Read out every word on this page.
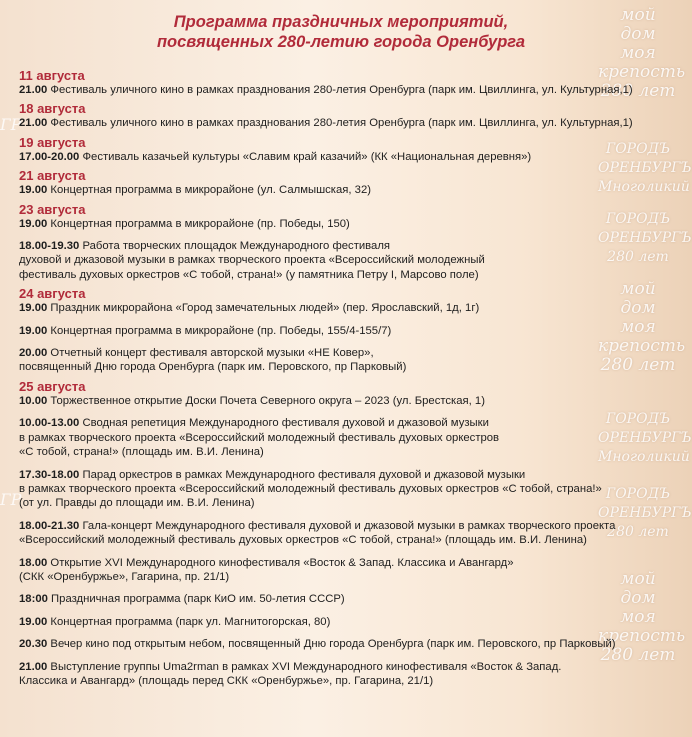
мой
дом
моя
крепость
280 лет
ГОРОДЪ
ОРЕНБУРГЪ
Многоликий
ГОРОДЪ
ОРЕНБУРГЪ
280 лет
мой
дом
моя
крепость
280 лет
ГОРОДЪ
ОРЕНБУРГЪ
Многоликий
ГОРОДЪ
ОРЕНБУРГЪ
280 лет
мой
дом
моя
крепость
280 лет
ГР
ГР
Программа праздничных мероприятий,
посвященных 280-летию города Оренбурга
11 августа
21.00 Фестиваль уличного кино в рамках празднования 280-летия Оренбурга (парк им. Цвиллинга, ул. Культурная,1)
18 августа
21.00 Фестиваль уличного кино в рамках празднования 280-летия Оренбурга (парк им. Цвиллинга, ул. Культурная,1)
19 августа
17.00-20.00 Фестиваль казачьей культуры «Славим край казачий» (КК «Национальная деревня»)
21 августа
19.00 Концертная программа в микрорайоне (ул. Салмышская, 32)
23 августа
19.00 Концертная программа в микрорайоне (пр. Победы, 150)
18.00-19.30 Работа творческих площадок Международного фестиваля
духовой и джазовой музыки в рамках творческого проекта «Всероссийский молодежный
фестиваль духовых оркестров «С тобой, страна!» (у памятника Петру I, Марсово поле)
24 августа
19.00 Праздник микрорайона «Город замечательных людей» (пер. Ярославский, 1д, 1г)
19.00 Концертная программа в микрорайоне (пр. Победы, 155/4-155/7)
20.00 Отчетный концерт фестиваля авторской музыки «НЕ Ковер»,
посвященный Дню города Оренбурга (парк им. Перовского, пр Парковый)
25 августа
10.00 Торжественное открытие Доски Почета Северного округа – 2023 (ул. Брестская, 1)
10.00-13.00 Сводная репетиция Международного фестиваля духовой и джазовой музыки
в рамках творческого проекта «Всероссийский молодежный фестиваль духовых оркестров
«С тобой, страна!» (площадь им. В.И. Ленина)
17.30-18.00 Парад оркестров в рамках Международного фестиваля духовой и джазовой музыки
в рамках творческого проекта «Всероссийский молодежный фестиваль духовых оркестров «С тобой, страна!»
(от ул. Правды до площади им. В.И. Ленина)
18.00-21.30 Гала-концерт Международного фестиваля духовой и джазовой музыки в рамках творческого проекта
«Всероссийский молодежный фестиваль духовых оркестров «С тобой, страна!» (площадь им. В.И. Ленина)
18.00 Открытие XVI Международного кинофестиваля «Восток & Запад. Классика и Авангард»
(СКК «Оренбуржье», Гагарина, пр. 21/1)
18:00 Праздничная программа (парк КиО им. 50-летия СССР)
19.00 Концертная программа (парк ул. Магнитогорская, 80)
20.30 Вечер кино под открытым небом, посвященный Дню города Оренбурга (парк им. Перовского, пр Парковый)
21.00 Выступление группы Uma2rman в рамках XVI Международного кинофестиваля «Восток & Запад.
Классика и Авангард» (площадь перед СКК «Оренбуржье», пр. Гагарина, 21/1)
